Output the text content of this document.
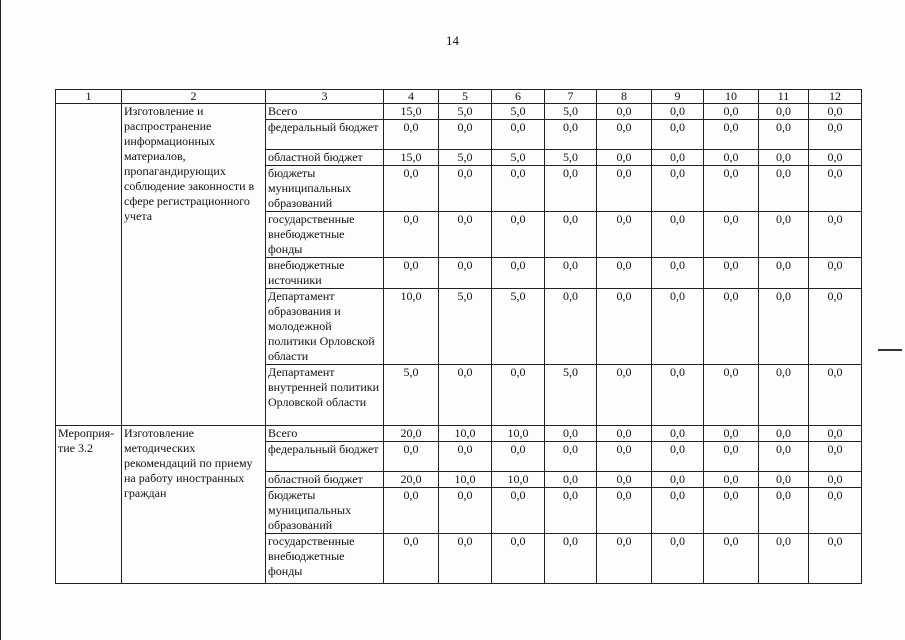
14
1	2	3	4	5	6	7	8	9	10	11	12
	Изготовление и распространение информационных материалов, пропагандирующих соблюдение законности в сфере регистрационного учета	Всего	15,0	5,0	5,0	5,0	0,0	0,0	0,0	0,0	0,0
		федеральный бюджет	0,0	0,0	0,0	0,0	0,0	0,0	0,0	0,0	0,0
		областной бюджет	15,0	5,0	5,0	5,0	0,0	0,0	0,0	0,0	0,0
		бюджеты муниципальных образований	0,0	0,0	0,0	0,0	0,0	0,0	0,0	0,0	0,0
		государственные внебюджетные фонды	0,0	0,0	0,0	0,0	0,0	0,0	0,0	0,0	0,0
		внебюджетные источники	0,0	0,0	0,0	0,0	0,0	0,0	0,0	0,0	0,0
		Департамент образования и молодежной политики Орловской области	10,0	5,0	5,0	0,0	0,0	0,0	0,0	0,0	0,0
		Департамент внутренней политики Орловской области	5,0	0,0	0,0	5,0	0,0	0,0	0,0	0,0	0,0
Мероприя-тие 3.2	Изготовление методических рекомендаций по приему на работу иностранных граждан	Всего	20,0	10,0	10,0	0,0	0,0	0,0	0,0	0,0	0,0
		федеральный бюджет	0,0	0,0	0,0	0,0	0,0	0,0	0,0	0,0	0,0
		областной бюджет	20,0	10,0	10,0	0,0	0,0	0,0	0,0	0,0	0,0
		бюджеты муниципальных образований	0,0	0,0	0,0	0,0	0,0	0,0	0,0	0,0	0,0
		государственные внебюджетные фонды	0,0	0,0	0,0	0,0	0,0	0,0	0,0	0,0	0,0
